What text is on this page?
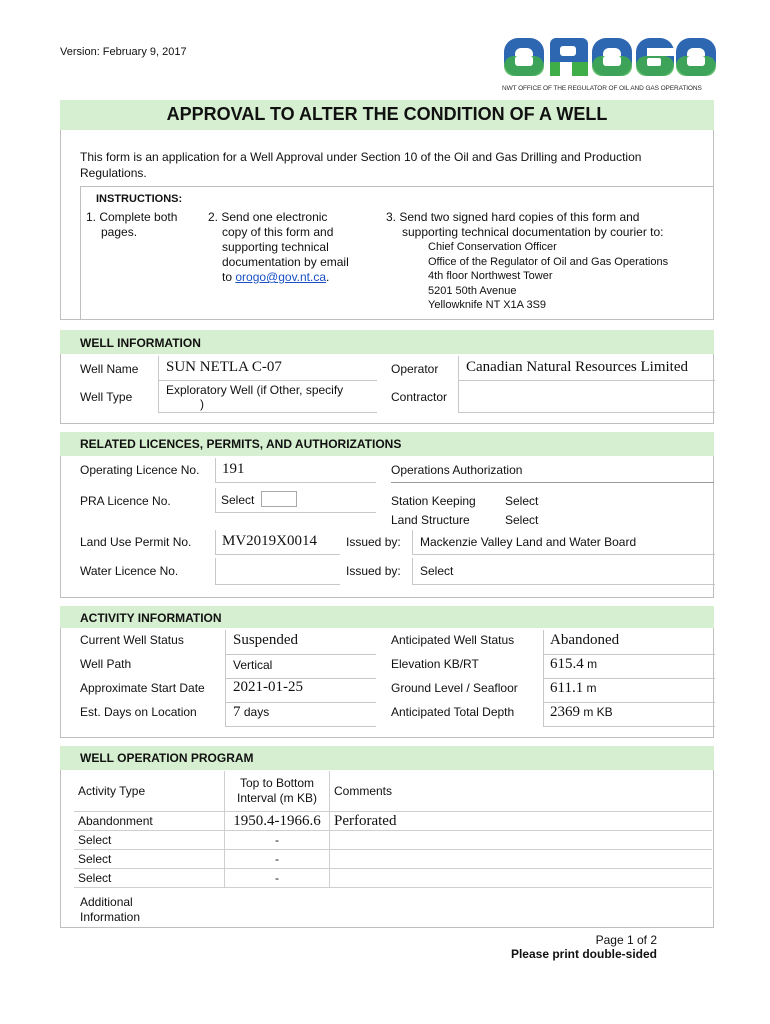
Version: February 9, 2017
NWT OFFICE OF THE REGULATOR OF OIL AND GAS OPERATIONS
APPROVAL TO ALTER THE CONDITION OF A WELL
This form is an application for a Well Approval under Section 10 of the Oil and Gas Drilling and Production
Regulations.
INSTRUCTIONS:
1. Complete both
pages.
2. Send one electronic
copy of this form and
supporting technical
documentation by email
to orogo@gov.nt.ca.
3. Send two signed hard copies of this form and
supporting technical documentation by courier to:
Chief Conservation Officer
Office of the Regulator of Oil and Gas Operations
4th floor Northwest Tower
5201 50th Avenue
Yellowknife NT X1A 3S9
WELL INFORMATION
Well Name SUN NETLA C-07	Operator Canadian Natural Resources Limited
Well Type	Exploratory Well (if Other, specify
)	Contractor
RELATED LICENCES, PERMITS, AND AUTHORIZATIONS
Operating Licence No. 191	Operations Authorization
PRA Licence No.	Select	Station Keeping Select
Land Structure	Select
Land Use Permit No. MV2019X0014 Issued by: Mackenzie Valley Land and Water Board
Water Licence No.	Issued by: Select
ACTIVITY INFORMATION
Current Well Status	Suspended	Anticipated Well Status Abandoned
Well Path	Vertical	Elevation KB/RT	615.4 m
Approximate Start Date 2021-01-25	Ground Level / Seafloor 611.1 m
Est. Days on Location 7 days	Anticipated Total Depth 2369 m KB
WELL OPERATION PROGRAM
Activity Type	Top to Bottom
Interval (m KB)	Comments
Abandonment	1950.4-1966.6	Perforated
Select	-	
Select	-	
Select	-	
Additional
Information
Page 1 of 2
Please print double-sided
